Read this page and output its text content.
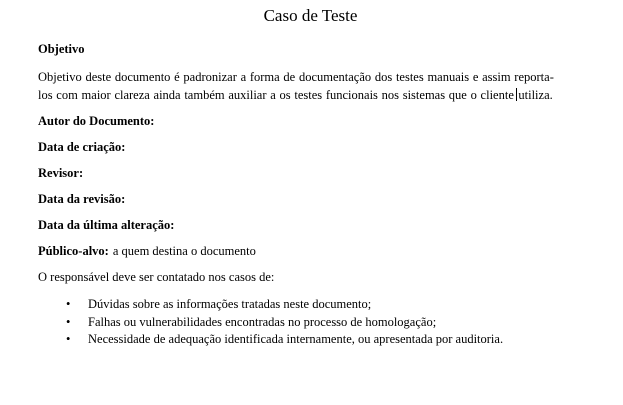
Caso de Teste
Objetivo
Objetivo deste documento é padronizar a forma de documentação dos testes manuais e assim reporta-
los com maior clareza ainda também auxiliar a os testes funcionais nos sistemas que o cliente utiliza.
Autor do Documento:
Data de criação:
Revisor:
Data da revisão:
Data da última alteração:
Público-alvo: a quem destina o documento
O responsável deve ser contatado nos casos de:
• Dúvidas sobre as informações tratadas neste documento;
• Falhas ou vulnerabilidades encontradas no processo de homologação;
• Necessidade de adequação identificada internamente, ou apresentada por auditoria.
